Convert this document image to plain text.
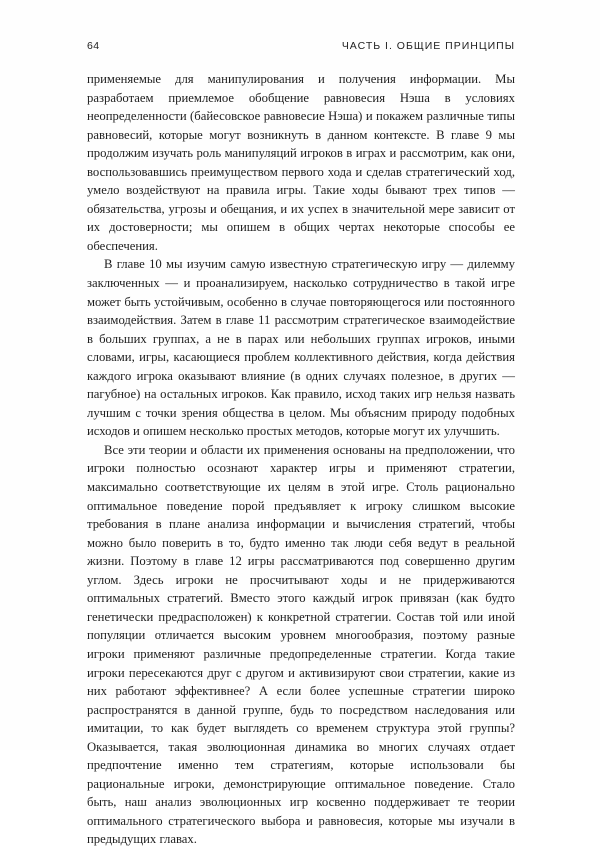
64	ЧАСТЬ I. ОБЩИЕ ПРИНЦИПЫ

применяемые для манипулирования и получения информации. Мы разработаем приемлемое обобщение равновесия Нэша в условиях неопределенности (байесовское равновесие Нэша) и покажем различные типы равновесий, которые могут возникнуть в данном контексте. В главе 9 мы продолжим изучать роль манипуляций игроков в играх и рассмотрим, как они, воспользовавшись преимуществом первого хода и сделав стратегический ход, умело воздействуют на правила игры. Такие ходы бывают трех типов — обязательства, угрозы и обещания, и их успех в значительной мере зависит от их достоверности; мы опишем в общих чертах некоторые способы ее обеспечения.

В главе 10 мы изучим самую известную стратегическую игру — дилемму заключенных — и проанализируем, насколько сотрудничество в такой игре может быть устойчивым, особенно в случае повторяющегося или постоянного взаимодействия. Затем в главе 11 рассмотрим стратегическое взаимодействие в больших группах, а не в парах или небольших группах игроков, иными словами, игры, касающиеся проблем коллективного действия, когда действия каждого игрока оказывают влияние (в одних случаях полезное, в других — пагубное) на остальных игроков. Как правило, исход таких игр нельзя назвать лучшим с точки зрения общества в целом. Мы объясним природу подобных исходов и опишем несколько простых методов, которые могут их улучшить.

Все эти теории и области их применения основаны на предположении, что игроки полностью осознают характер игры и применяют стратегии, максимально соответствующие их целям в этой игре. Столь рационально оптимальное поведение порой предъявляет к игроку слишком высокие требования в плане анализа информации и вычисления стратегий, чтобы можно было поверить в то, будто именно так люди себя ведут в реальной жизни. Поэтому в главе 12 игры рассматриваются под совершенно другим углом. Здесь игроки не просчитывают ходы и не придерживаются оптимальных стратегий. Вместо этого каждый игрок привязан (как будто генетически предрасположен) к конкретной стратегии. Состав той или иной популяции отличается высоким уровнем многообразия, поэтому разные игроки применяют различные предопределенные стратегии. Когда такие игроки пересекаются друг с другом и активизируют свои стратегии, какие из них работают эффективнее? А если более успешные стратегии широко распространятся в данной группе, будь то посредством наследования или имитации, то как будет выглядеть со временем структура этой группы? Оказывается, такая эволюционная динамика во многих случаях отдает предпочтение именно тем стратегиям, которые использовали бы рациональные игроки, демонстрирующие оптимальное поведение. Стало быть, наш анализ эволюционных игр косвенно поддерживает те теории оптимального стратегического выбора и равновесия, которые мы изучали в предыдущих главах.
